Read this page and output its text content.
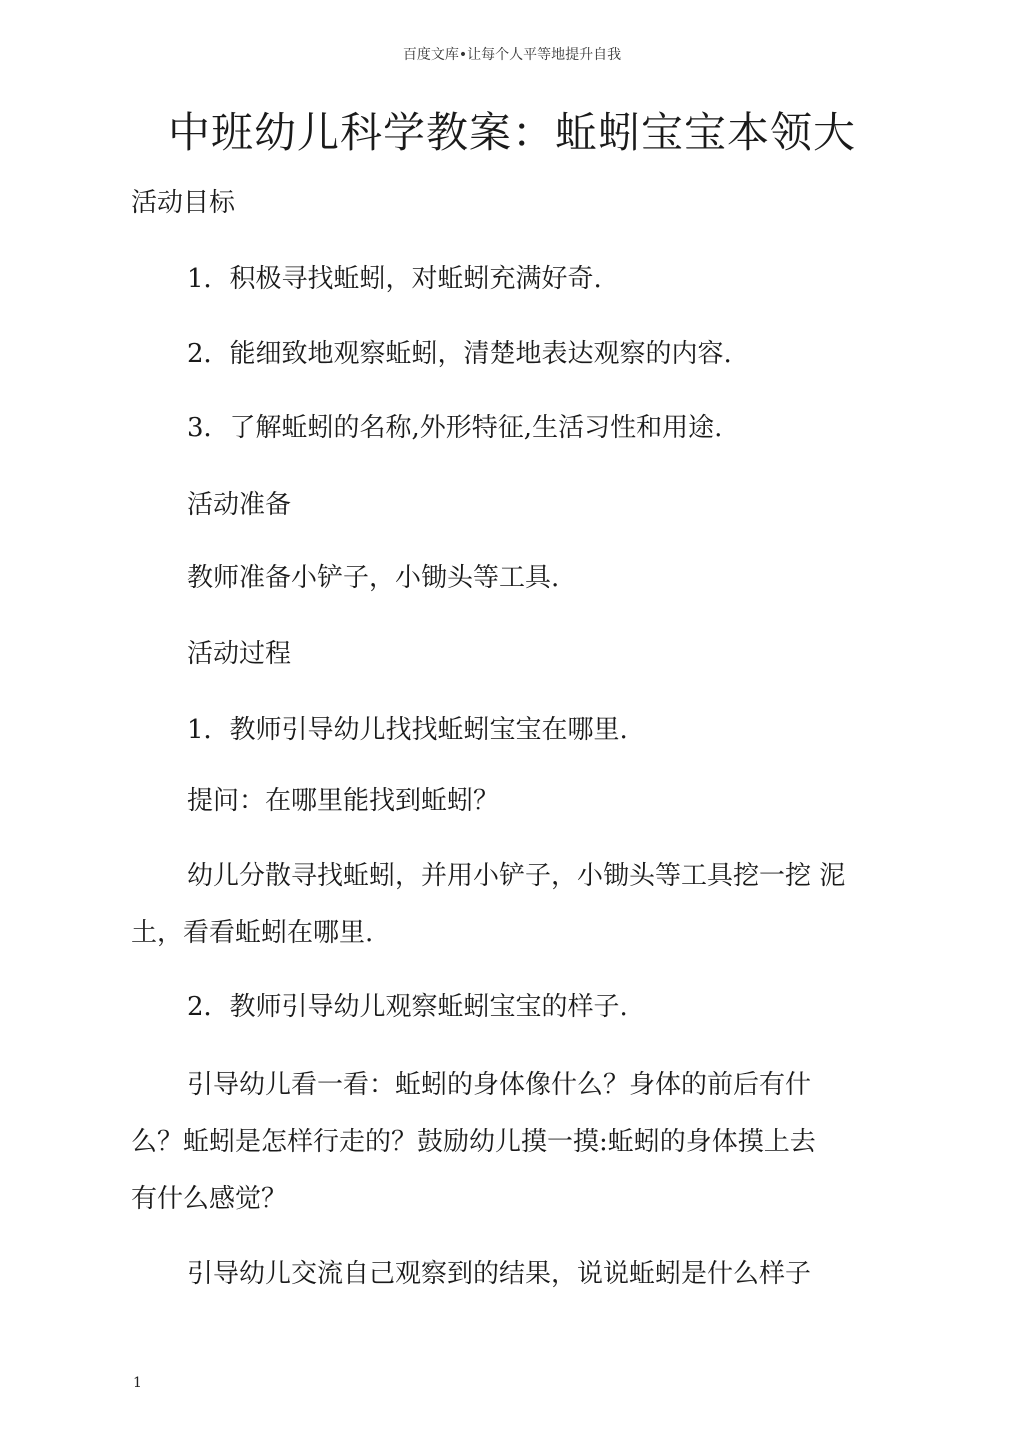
百度文库•让每个人平等地提升自我
中班幼儿科学教案：蚯蚓宝宝本领大
活动目标
1．积极寻找蚯蚓，对蚯蚓充满好奇.
2．能细致地观察蚯蚓，清楚地表达观察的内容.
3．了解蚯蚓的名称,外形特征,生活习性和用途.
活动准备
教师准备小铲子，小锄头等工具.
活动过程
1．教师引导幼儿找找蚯蚓宝宝在哪里.
提问：在哪里能找到蚯蚓？
幼儿分散寻找蚯蚓，并用小铲子，小锄头等工具挖一挖 泥
土，看看蚯蚓在哪里.
2．教师引导幼儿观察蚯蚓宝宝的样子.
引导幼儿看一看：蚯蚓的身体像什么？身体的前后有什
么？蚯蚓是怎样行走的？鼓励幼儿摸一摸:蚯蚓的身体摸上去
有什么感觉？
引导幼儿交流自己观察到的结果，说说蚯蚓是什么样子
1
